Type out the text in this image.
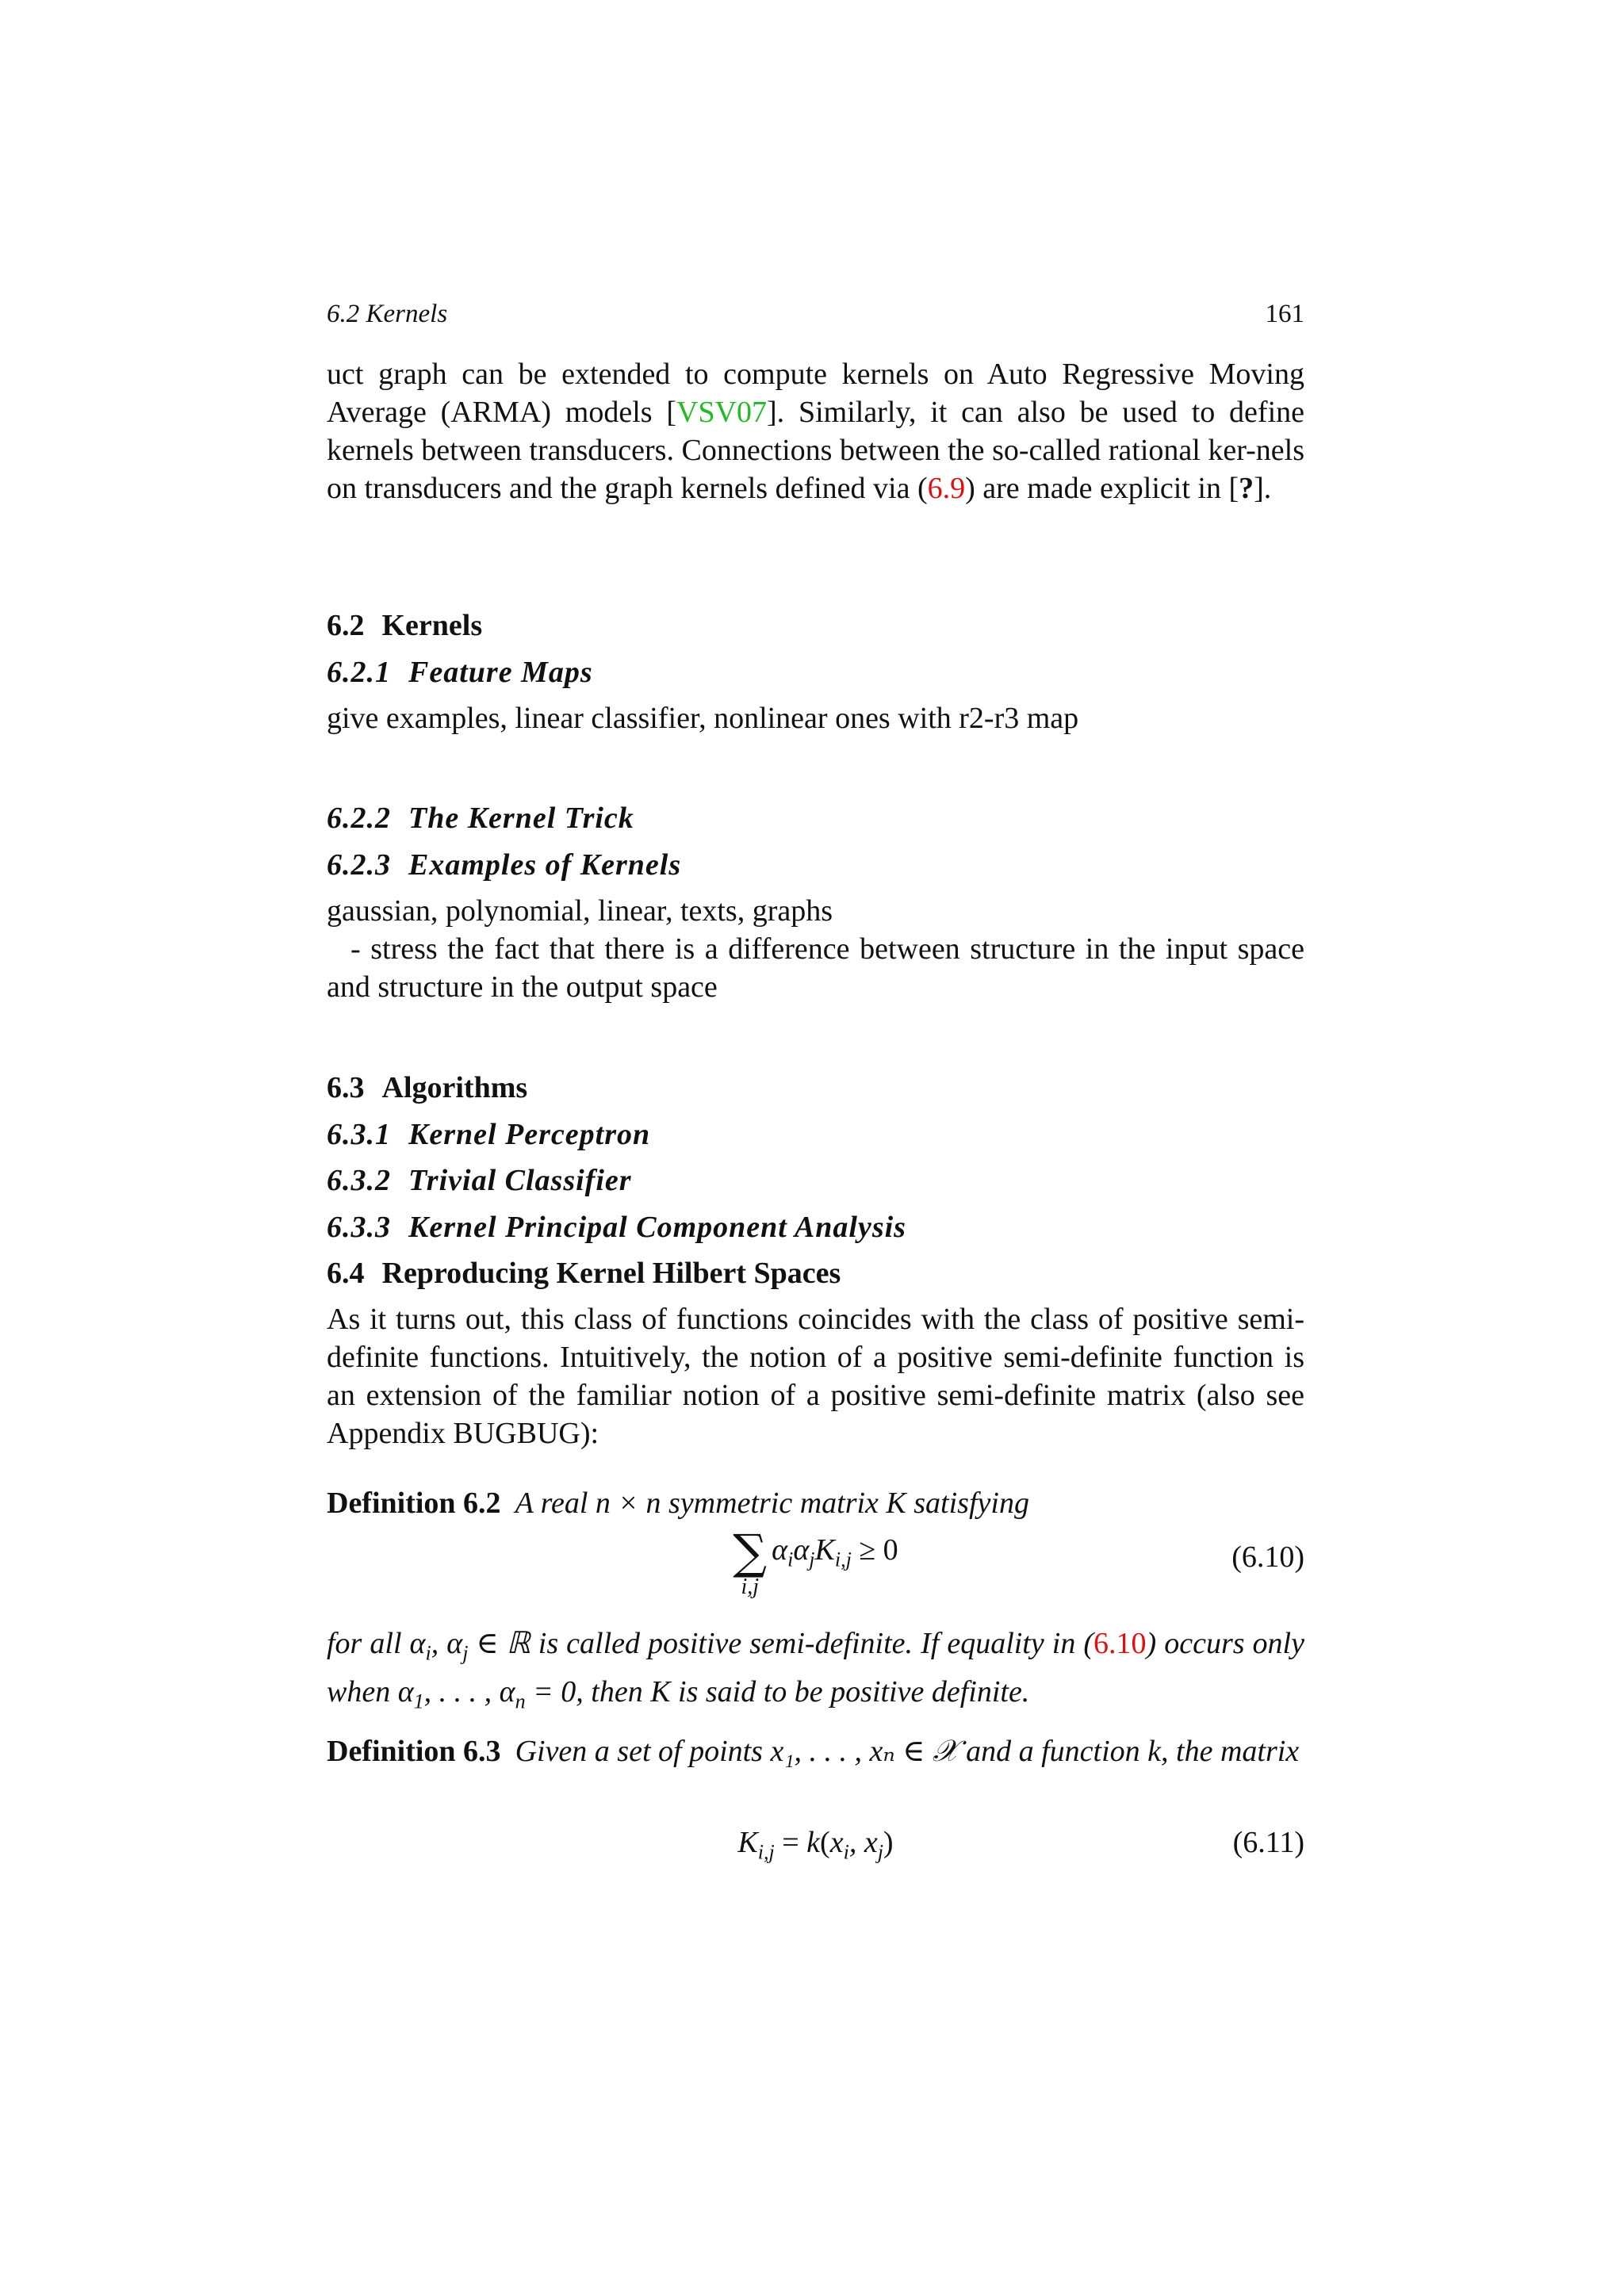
6.2 Kernels	161

uct graph can be extended to compute kernels on Auto Regressive Moving Average (ARMA) models [VSV07]. Similarly, it can also be used to define kernels between transducers. Connections between the so-called rational ker-nels on transducers and the graph kernels defined via (6.9) are made explicit in [?].

6.2 Kernels
6.2.1 Feature Maps

give examples, linear classifier, nonlinear ones with r2-r3 map

6.2.2 The Kernel Trick
6.2.3 Examples of Kernels

gaussian, polynomial, linear, texts, graphs

- stress the fact that there is a difference between structure in the input space and structure in the output space

6.3 Algorithms
6.3.1 Kernel Perceptron
6.3.2 Trivial Classifier
6.3.3 Kernel Principal Component Analysis
6.4 Reproducing Kernel Hilbert Spaces

As it turns out, this class of functions coincides with the class of positive semi-definite functions. Intuitively, the notion of a positive semi-definite function is an extension of the familiar notion of a positive semi-definite matrix (also see Appendix BUGBUG):

Definition 6.2 A real n × n symmetric matrix K satisfying

∑
i,j
$\alpha_i\alpha_jK_{i,j} \ge 0$	(6.10)

for all $\alpha_i$, $\alpha_j$ ∈ ℝ is called positive semi-definite. If equality in (6.10) occurs only when $\alpha_1$, . . . , $\alpha_n = 0$, then K is said to be positive definite.

Definition 6.3 Given a set of points x₁, . . . , xₙ ∈ 𝒳 and a function k, the matrix

$K_{i,j} = k(x_i$, $x_j$)	(6.11)
